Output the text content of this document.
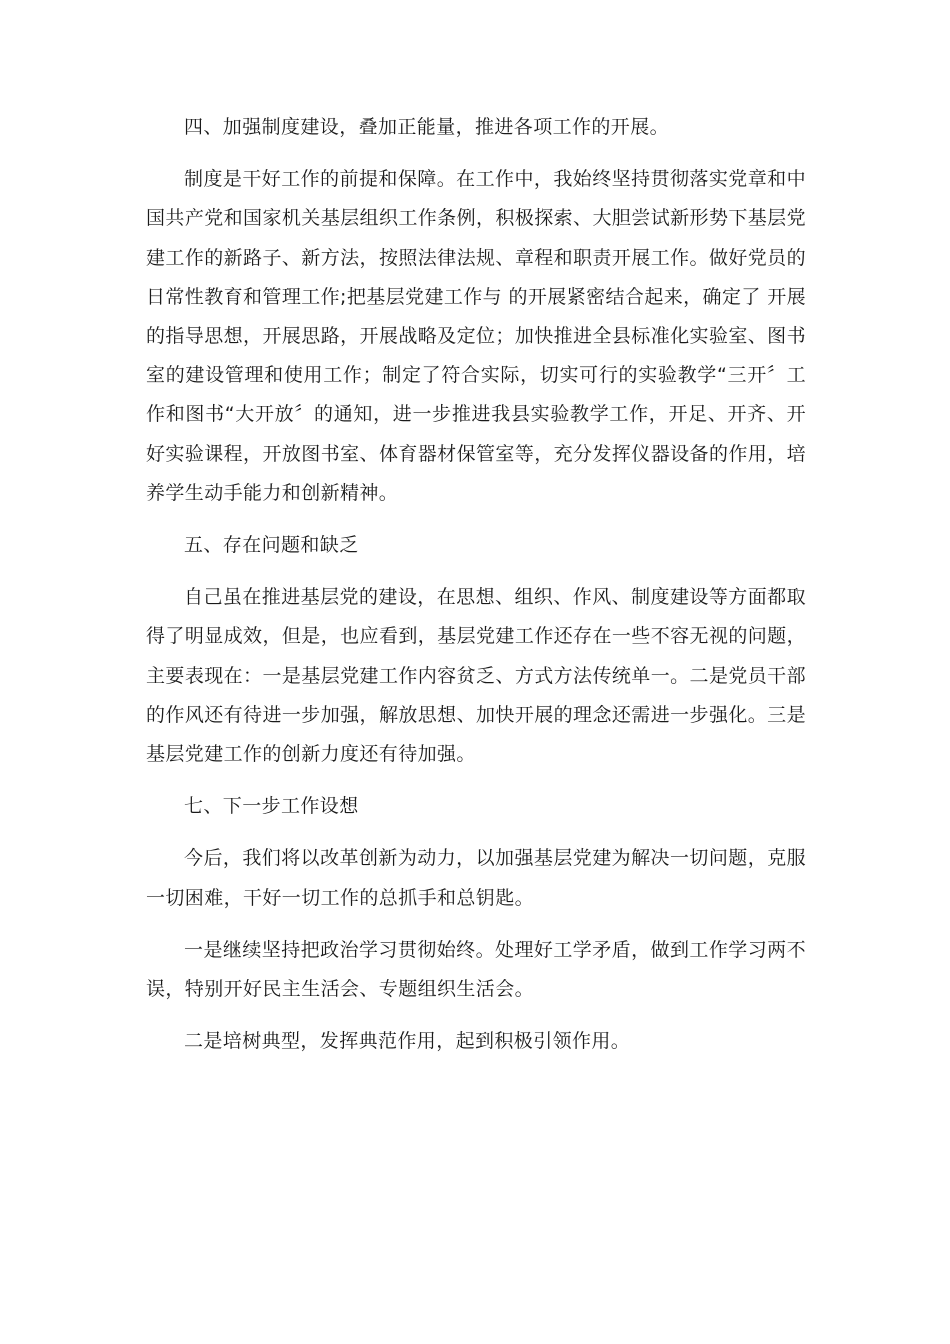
四、加强制度建设，叠加正能量，推进各项工作的开展。

制度是干好工作的前提和保障。在工作中，我始终坚持贯彻落实党章和中国共产党和国家机关基层组织工作条例，积极探索、大胆尝试新形势下基层党建工作的新路子、新方法，按照法律法规、章程和职责开展工作。做好党员的日常性教育和管理工作;把基层党建工作与 的开展紧密结合起来，确定了 开展的指导思想，开展思路，开展战略及定位；加快推进全县标准化实验室、图书室的建设管理和使用工作；制定了符合实际，切实可行的实验教学“三开〞工作和图书“大开放〞的通知，进一步推进我县实验教学工作，开足、开齐、开好实验课程，开放图书室、体育器材保管室等，充分发挥仪器设备的作用，培养学生动手能力和创新精神。

五、存在问题和缺乏

自己虽在推进基层党的建设，在思想、组织、作风、制度建设等方面都取得了明显成效，但是，也应看到，基层党建工作还存在一些不容无视的问题，主要表现在：一是基层党建工作内容贫乏、方式方法传统单一。二是党员干部的作风还有待进一步加强，解放思想、加快开展的理念还需进一步强化。三是基层党建工作的创新力度还有待加强。

七、下一步工作设想

今后，我们将以改革创新为动力，以加强基层党建为解决一切问题，克服一切困难，干好一切工作的总抓手和总钥匙。

一是继续坚持把政治学习贯彻始终。处理好工学矛盾，做到工作学习两不误，特别开好民主生活会、专题组织生活会。

二是培树典型，发挥典范作用，起到积极引领作用。
